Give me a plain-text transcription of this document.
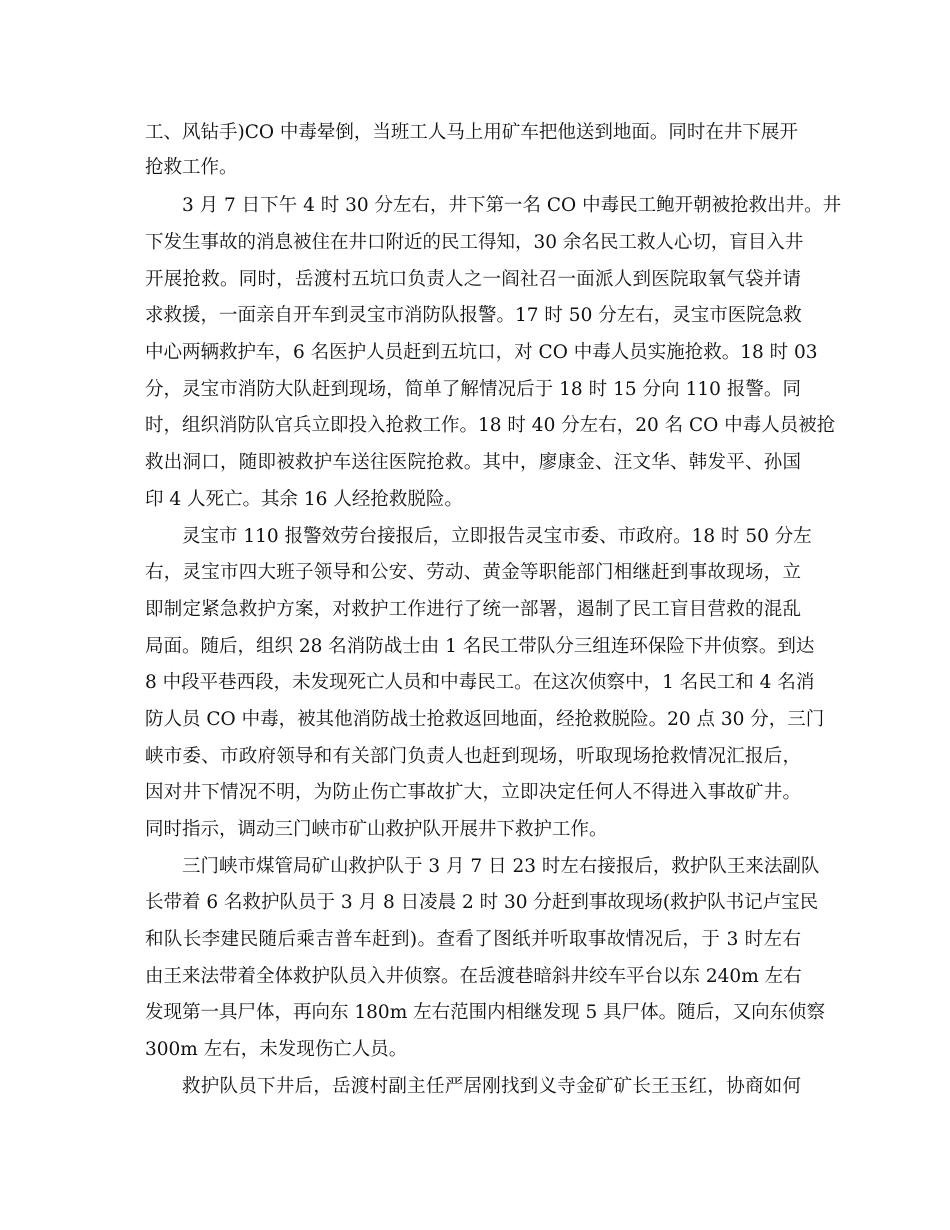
工、风钻手)CO 中毒晕倒，当班工人马上用矿车把他送到地面。同时在井下展开
抢救工作。
3 月 7 日下午 4 时 30 分左右，井下第一名 CO 中毒民工鲍开朝被抢救出井。井
下发生事故的消息被住在井口附近的民工得知，30 余名民工救人心切，盲目入井
开展抢救。同时，岳渡村五坑口负责人之一阎社召一面派人到医院取氧气袋并请
求救援，一面亲自开车到灵宝市消防队报警。17 时 50 分左右，灵宝市医院急救
中心两辆救护车，6 名医护人员赶到五坑口，对 CO 中毒人员实施抢救。18 时 03
分，灵宝市消防大队赶到现场，简单了解情况后于 18 时 15 分向 110 报警。同
时，组织消防队官兵立即投入抢救工作。18 时 40 分左右，20 名 CO 中毒人员被抢
救出洞口，随即被救护车送往医院抢救。其中，廖康金、汪文华、韩发平、孙国
印 4 人死亡。其余 16 人经抢救脱险。
灵宝市 110 报警效劳台接报后，立即报告灵宝市委、市政府。18 时 50 分左
右，灵宝市四大班子领导和公安、劳动、黄金等职能部门相继赶到事故现场，立
即制定紧急救护方案，对救护工作进行了统一部署，遏制了民工盲目营救的混乱
局面。随后，组织 28 名消防战士由 1 名民工带队分三组连环保险下井侦察。到达
8 中段平巷西段，未发现死亡人员和中毒民工。在这次侦察中，1 名民工和 4 名消
防人员 CO 中毒，被其他消防战士抢救返回地面，经抢救脱险。20 点 30 分，三门
峡市委、市政府领导和有关部门负责人也赶到现场，听取现场抢救情况汇报后，
因对井下情况不明，为防止伤亡事故扩大，立即决定任何人不得进入事故矿井。
同时指示，调动三门峡市矿山救护队开展井下救护工作。
三门峡市煤管局矿山救护队于 3 月 7 日 23 时左右接报后，救护队王来法副队
长带着 6 名救护队员于 3 月 8 日凌晨 2 时 30 分赶到事故现场(救护队书记卢宝民
和队长李建民随后乘吉普车赶到)。查看了图纸并听取事故情况后，于 3 时左右
由王来法带着全体救护队员入井侦察。在岳渡巷暗斜井绞车平台以东 240m 左右
发现第一具尸体，再向东 180m 左右范围内相继发现 5 具尸体。随后，又向东侦察
300m 左右，未发现伤亡人员。
救护队员下井后，岳渡村副主任严居刚找到义寺金矿矿长王玉红，协商如何
